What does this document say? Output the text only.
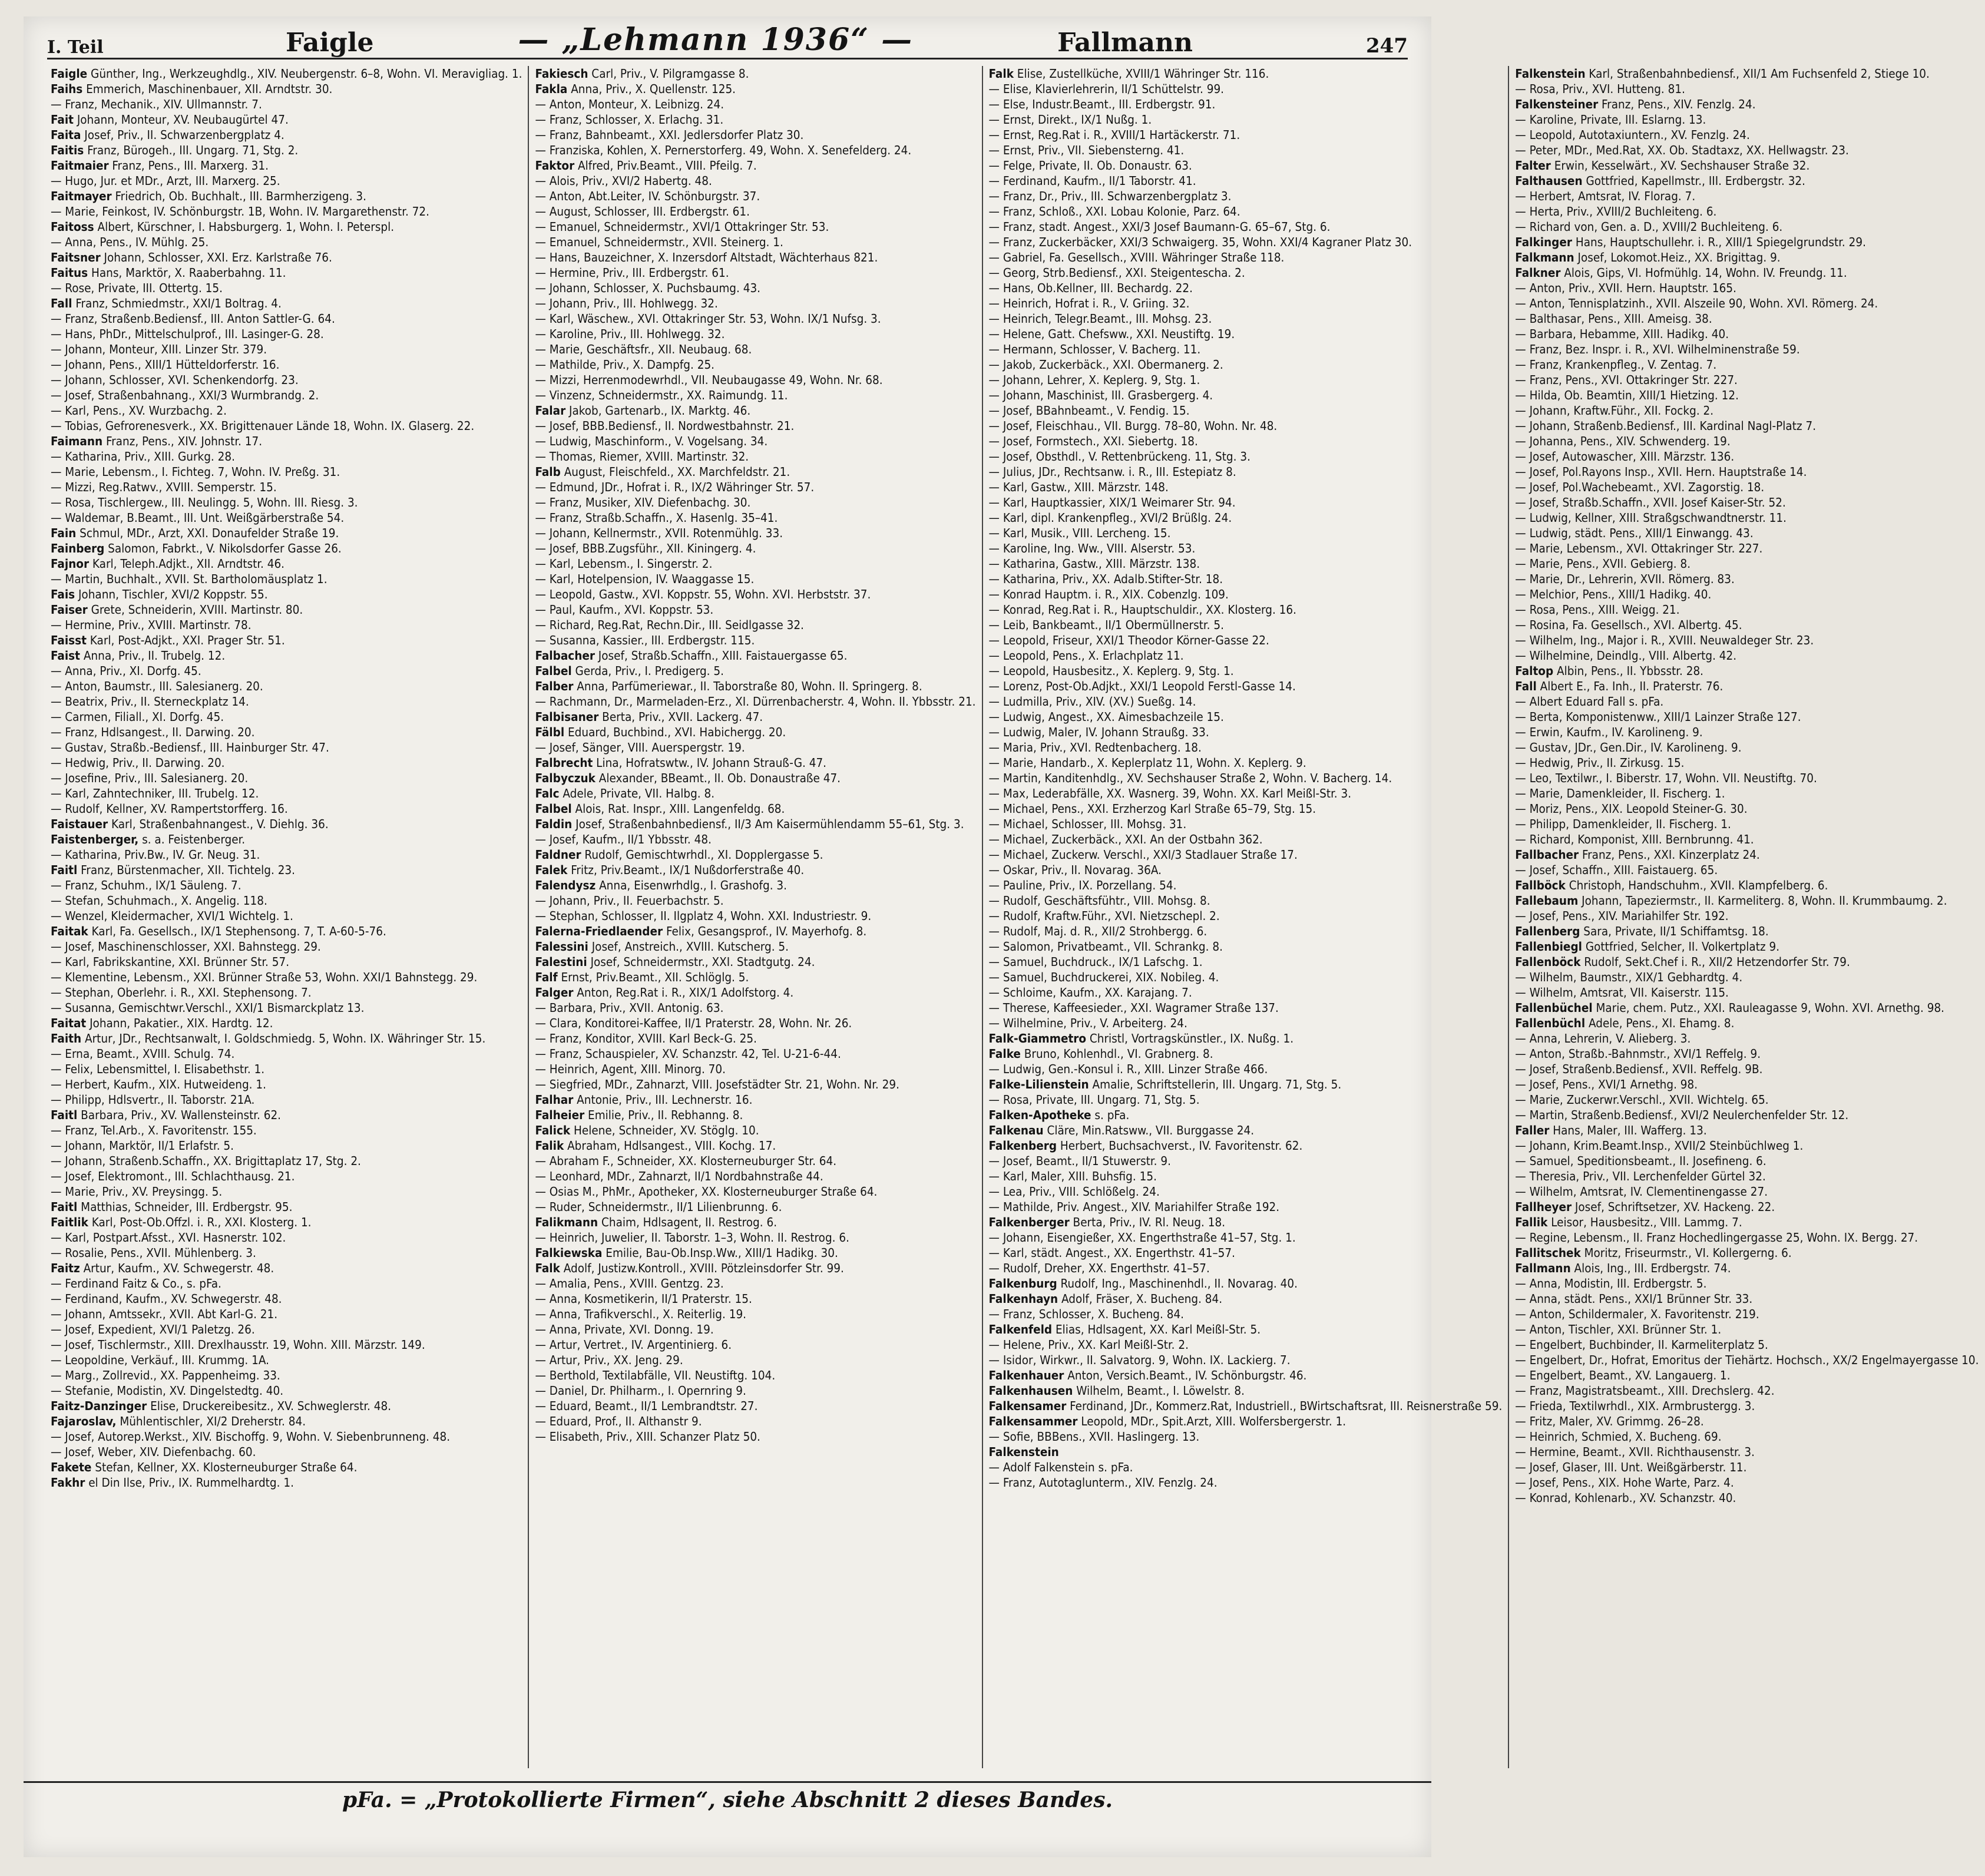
I. Teil	Faigle	— „Lehmann 1936“ —	Fallmann	247
Faigle Günther, Ing., Werkzeughdlg., XIV. Neubergenstr. 6–8, Wohn. VI. Meravigliag. 1.
Faihs Emmerich, Maschinenbauer, XII. Arndtstr. 30.
— Franz, Mechanik., XIV. Ullmannstr. 7.
Fait Johann, Monteur, XV. Neubaugürtel 47.
Faita Josef, Priv., II. Schwarzenbergplatz 4.
Faitis Franz, Bürogeh., III. Ungarg. 71, Stg. 2.
Faitmaier Franz, Pens., III. Marxerg. 31.
— Hugo, Jur. et MDr., Arzt, III. Marxerg. 25.
Faitmayer Friedrich, Ob. Buchhalt., III. Barmherzigeng. 3.
— Marie, Feinkost, IV. Schönburgstr. 1B, Wohn. IV. Margarethenstr. 72.
Faitoss Albert, Kürschner, I. Habsburgerg. 1, Wohn. I. Peterspl.
— Anna, Pens., IV. Mühlg. 25.
Faitsner Johann, Schlosser, XXI. Erz. Karlstraße 76.
Faitus Hans, Marktör, X. Raaberbahng. 11.
— Rose, Private, III. Ottertg. 15.
Fall Franz, Schmiedmstr., XXI/1 Boltrag. 4.
— Franz, Straßenb.Bediensf., III. Anton Sattler-G. 64.
— Hans, PhDr., Mittelschulprof., III. Lasinger-G. 28.
— Johann, Monteur, XIII. Linzer Str. 379.
— Johann, Pens., XIII/1 Hütteldorferstr. 16.
— Johann, Schlosser, XVI. Schenkendorfg. 23.
— Josef, Straßenbahnang., XXI/3 Wurmbrandg. 2.
— Karl, Pens., XV. Wurzbachg. 2.
— Tobias, Gefrorenesverk., XX. Brigittenauer Lände 18, Wohn. IX. Glaserg. 22.
Faimann Franz, Pens., XIV. Johnstr. 17.
— Katharina, Priv., XIII. Gurkg. 28.
— Marie, Lebensm., I. Fichteg. 7, Wohn. IV. Preßg. 31.
— Mizzi, Reg.Ratwv., XVIII. Semperstr. 15.
— Rosa, Tischlergew., III. Neulingg. 5, Wohn. III. Riesg. 3.
— Waldemar, B.Beamt., III. Unt. Weißgärberstraße 54.
Fain Schmul, MDr., Arzt, XXI. Donaufelder Straße 19.
Fainberg Salomon, Fabrkt., V. Nikolsdorfer Gasse 26.
Fajnor Karl, Teleph.Adjkt., XII. Arndtstr. 46.
— Martin, Buchhalt., XVII. St. Bartholomäusplatz 1.
Fais Johann, Tischler, XVI/2 Koppstr. 55.
Faiser Grete, Schneiderin, XVIII. Martinstr. 80.
— Hermine, Priv., XVIII. Martinstr. 78.
Faisst Karl, Post-Adjkt., XXI. Prager Str. 51.
Faist Anna, Priv., II. Trubelg. 12.
— Anna, Priv., XI. Dorfg. 45.
— Anton, Baumstr., III. Salesianerg. 20.
— Beatrix, Priv., II. Sterneckplatz 14.
— Carmen, Filiall., XI. Dorfg. 45.
— Franz, Hdlsangest., II. Darwing. 20.
— Gustav, Straßb.-Bediensf., III. Hainburger Str. 47.
— Hedwig, Priv., II. Darwing. 20.
— Josefine, Priv., III. Salesianerg. 20.
— Karl, Zahntechniker, III. Trubelg. 12.
— Rudolf, Kellner, XV. Rampertstorfferg. 16.
Faistauer Karl, Straßenbahnangest., V. Diehlg. 36.
Faistenberger, s. a. Feistenberger.
— Katharina, Priv.Bw., IV. Gr. Neug. 31.
Faitl Franz, Bürstenmacher, XII. Tichtelg. 23.
— Franz, Schuhm., IX/1 Säuleng. 7.
— Stefan, Schuhmach., X. Angelig. 118.
— Wenzel, Kleidermacher, XVI/1 Wichtelg. 1.
Faitak Karl, Fa. Gesellsch., IX/1 Stephensong. 7, T. A-60-5-76.
— Josef, Maschinenschlosser, XXI. Bahnstegg. 29.
— Karl, Fabrikskantine, XXI. Brünner Str. 57.
— Klementine, Lebensm., XXI. Brünner Straße 53, Wohn. XXI/1 Bahnstegg. 29.
— Stephan, Oberlehr. i. R., XXI. Stephensong. 7.
— Susanna, Gemischtwr.Verschl., XXI/1 Bismarckplatz 13.
Faitat Johann, Pakatier., XIX. Hardtg. 12.
Faith Artur, JDr., Rechtsanwalt, I. Goldschmiedg. 5, Wohn. IX. Währinger Str. 15.
— Erna, Beamt., XVIII. Schulg. 74.
— Felix, Lebensmittel, I. Elisabethstr. 1.
— Herbert, Kaufm., XIX. Hutweideng. 1.
— Philipp, Hdlsvertr., II. Taborstr. 21A.
Faitl Barbara, Priv., XV. Wallensteinstr. 62.
— Franz, Tel.Arb., X. Favoritenstr. 155.
— Johann, Marktör, II/1 Erlafstr. 5.
— Johann, Straßenb.Schaffn., XX. Brigittaplatz 17, Stg. 2.
— Josef, Elektromont., III. Schlachthausg. 21.
— Marie, Priv., XV. Preysingg. 5.
Faitl Matthias, Schneider, III. Erdbergstr. 95.
Faitlik Karl, Post-Ob.Offzl. i. R., XXI. Klosterg. 1.
— Karl, Postpart.Afsst., XVI. Hasnerstr. 102.
— Rosalie, Pens., XVII. Mühlenberg. 3.
Faitz Artur, Kaufm., XV. Schwegerstr. 48.
— Ferdinand Faitz & Co., s. pFa.
— Ferdinand, Kaufm., XV. Schwegerstr. 48.
— Johann, Amtssekr., XVII. Abt Karl-G. 21.
— Josef, Expedient, XVI/1 Paletzg. 26.
— Josef, Tischlermstr., XIII. Drexlhausstr. 19, Wohn. XIII. Märzstr. 149.
— Leopoldine, Verkäuf., III. Krummg. 1A.
— Marg., Zollrevid., XX. Pappenheimg. 33.
— Stefanie, Modistin, XV. Dingelstedtg. 40.
Faitz-Danzinger Elise, Druckereibesitz., XV. Schweglerstr. 48.
Fajaroslav, Mühlentischler, XI/2 Dreherstr. 84.
— Josef, Autorep.Werkst., XIV. Bischoffg. 9, Wohn. V. Siebenbrunneng. 48.
— Josef, Weber, XIV. Diefenbachg. 60.
Fakete Stefan, Kellner, XX. Klosterneuburger Straße 64.
Fakhr el Din Ilse, Priv., IX. Rummelhardtg. 1.
Fakiesch Carl, Priv., V. Pilgramgasse 8.
Fakla Anna, Priv., X. Quellenstr. 125.
— Anton, Monteur, X. Leibnizg. 24.
— Franz, Schlosser, X. Erlachg. 31.
— Franz, Bahnbeamt., XXI. Jedlersdorfer Platz 30.
— Franziska, Kohlen, X. Pernerstorferg. 49, Wohn. X. Senefelderg. 24.
Faktor Alfred, Priv.Beamt., VIII. Pfeilg. 7.
— Alois, Priv., XVI/2 Habertg. 48.
— Anton, Abt.Leiter, IV. Schönburgstr. 37.
— August, Schlosser, III. Erdbergstr. 61.
— Emanuel, Schneidermstr., XVI/1 Ottakringer Str. 53.
— Emanuel, Schneidermstr., XVII. Steinerg. 1.
— Hans, Bauzeichner, X. Inzersdorf Altstadt, Wächterhaus 821.
— Hermine, Priv., III. Erdbergstr. 61.
— Johann, Schlosser, X. Puchsbaumg. 43.
— Johann, Priv., III. Hohlwegg. 32.
— Karl, Wäschew., XVI. Ottakringer Str. 53, Wohn. IX/1 Nufsg. 3.
— Karoline, Priv., III. Hohlwegg. 32.
— Marie, Geschäftsfr., XII. Neubaug. 68.
— Mathilde, Priv., X. Dampfg. 25.
— Mizzi, Herrenmodewrhdl., VII. Neubaugasse 49, Wohn. Nr. 68.
— Vinzenz, Schneidermstr., XX. Raimundg. 11.
Falar Jakob, Gartenarb., IX. Marktg. 46.
— Josef, BBB.Bediensf., II. Nordwestbahnstr. 21.
— Ludwig, Maschinform., V. Vogelsang. 34.
— Thomas, Riemer, XVIII. Martinstr. 32.
Falb August, Fleischfeld., XX. Marchfeldstr. 21.
— Edmund, JDr., Hofrat i. R., IX/2 Währinger Str. 57.
— Franz, Musiker, XIV. Diefenbachg. 30.
— Franz, Straßb.Schaffn., X. Hasenlg. 35–41.
— Johann, Kellnermstr., XVII. Rotenmühlg. 33.
— Josef, BBB.Zugsführ., XII. Kiningerg. 4.
— Karl, Lebensm., I. Singerstr. 2.
— Karl, Hotelpension, IV. Waaggasse 15.
— Leopold, Gastw., XVI. Koppstr. 55, Wohn. XVI. Herbststr. 37.
— Paul, Kaufm., XVI. Koppstr. 53.
— Richard, Reg.Rat, Rechn.Dir., III. Seidlgasse 32.
— Susanna, Kassier., III. Erdbergstr. 115.
Falbacher Josef, Straßb.Schaffn., XIII. Faistauergasse 65.
Falbel Gerda, Priv., I. Predigerg. 5.
Falber Anna, Parfümeriewar., II. Taborstraße 80, Wohn. II. Springerg. 8.
— Rachmann, Dr., Marmeladen-Erz., XI. Dürrenbacherstr. 4, Wohn. II. Ybbsstr. 21.
Falbisaner Berta, Priv., XVII. Lackerg. 47.
Fälbl Eduard, Buchbind., XVI. Habichergg. 20.
— Josef, Sänger, VIII. Auerspergstr. 19.
Falbrecht Lina, Hofratswtw., IV. Johann Strauß-G. 47.
Falbyczuk Alexander, BBeamt., II. Ob. Donaustraße 47.
Falc Adele, Private, VII. Halbg. 8.
Falbel Alois, Rat. Inspr., XIII. Langenfeldg. 68.
Faldin Josef, Straßenbahnbediensf., II/3 Am Kaisermühlendamm 55–61, Stg. 3.
— Josef, Kaufm., II/1 Ybbsstr. 48.
Faldner Rudolf, Gemischtwrhdl., XI. Dopplergasse 5.
Falek Fritz, Priv.Beamt., IX/1 Nußdorferstraße 40.
Falendysz Anna, Eisenwrhdlg., I. Grashofg. 3.
— Johann, Priv., II. Feuerbachstr. 5.
— Stephan, Schlosser, II. Ilgplatz 4, Wohn. XXI. Industriestr. 9.
Falerna-Friedlaender Felix, Gesangsprof., IV. Mayerhofg. 8.
Falessini Josef, Anstreich., XVIII. Kutscherg. 5.
Falestini Josef, Schneidermstr., XXI. Stadtgutg. 24.
Falf Ernst, Priv.Beamt., XII. Schlöglg. 5.
Falger Anton, Reg.Rat i. R., XIX/1 Adolfstorg. 4.
— Barbara, Priv., XVII. Antonig. 63.
— Clara, Konditorei-Kaffee, II/1 Praterstr. 28, Wohn. Nr. 26.
— Franz, Konditor, XVIII. Karl Beck-G. 25.
— Franz, Schauspieler, XV. Schanzstr. 42, Tel. U-21-6-44.
— Heinrich, Agent, XIII. Minorg. 70.
— Siegfried, MDr., Zahnarzt, VIII. Josefstädter Str. 21, Wohn. Nr. 29.
Falhar Antonie, Priv., III. Lechnerstr. 16.
Falheier Emilie, Priv., II. Rebhanng. 8.
Falick Helene, Schneider, XV. Stöglg. 10.
Falik Abraham, Hdlsangest., VIII. Kochg. 17.
— Abraham F., Schneider, XX. Klosterneuburger Str. 64.
— Leonhard, MDr., Zahnarzt, II/1 Nordbahnstraße 44.
— Osias M., PhMr., Apotheker, XX. Klosterneuburger Straße 64.
— Ruder, Schneidermstr., II/1 Lilienbrunng. 6.
Falikmann Chaim, Hdlsagent, II. Restrog. 6.
— Heinrich, Juwelier, II. Taborstr. 1–3, Wohn. II. Restrog. 6.
Falkiewska Emilie, Bau-Ob.Insp.Ww., XIII/1 Hadikg. 30.
Falk Adolf, Justizw.Kontroll., XVIII. Pötzleinsdorfer Str. 99.
— Amalia, Pens., XVIII. Gentzg. 23.
— Anna, Kosmetikerin, II/1 Praterstr. 15.
— Anna, Trafikverschl., X. Reiterlig. 19.
— Anna, Private, XVI. Donng. 19.
— Artur, Vertret., IV. Argentinierg. 6.
— Artur, Priv., XX. Jeng. 29.
— Berthold, Textilabfälle, VII. Neustiftg. 104.
— Daniel, Dr. Philharm., I. Opernring 9.
— Eduard, Beamt., II/1 Lembrandtstr. 27.
— Eduard, Prof., II. Althanstr 9.
— Elisabeth, Priv., XIII. Schanzer Platz 50.
Falk Elise, Zustellküche, XVIII/1 Währinger Str. 116.
— Elise, Klavierlehrerin, II/1 Schüttelstr. 99.
— Else, Industr.Beamt., III. Erdbergstr. 91.
— Ernst, Direkt., IX/1 Nußg. 1.
— Ernst, Reg.Rat i. R., XVIII/1 Hartäckerstr. 71.
— Ernst, Priv., VII. Siebensterng. 41.
— Felge, Private, II. Ob. Donaustr. 63.
— Ferdinand, Kaufm., II/1 Taborstr. 41.
— Franz, Dr., Priv., III. Schwarzenbergplatz 3.
— Franz, Schloß., XXI. Lobau Kolonie, Parz. 64.
— Franz, stadt. Angest., XXI/3 Josef Baumann-G. 65–67, Stg. 6.
— Franz, Zuckerbäcker, XXI/3 Schwaigerg. 35, Wohn. XXI/4 Kagraner Platz 30.
— Gabriel, Fa. Gesellsch., XVIII. Währinger Straße 118.
— Georg, Strb.Bediensf., XXI. Steigentescha. 2.
— Hans, Ob.Kellner, III. Bechardg. 22.
— Heinrich, Hofrat i. R., V. Griing. 32.
— Heinrich, Telegr.Beamt., III. Mohsg. 23.
— Helene, Gatt. Chefsww., XXI. Neustiftg. 19.
— Hermann, Schlosser, V. Bacherg. 11.
— Jakob, Zuckerbäck., XXI. Obermanerg. 2.
— Johann, Lehrer, X. Keplerg. 9, Stg. 1.
— Johann, Maschinist, III. Grasbergerg. 4.
— Josef, BBahnbeamt., V. Fendig. 15.
— Josef, Fleischhau., VII. Burgg. 78–80, Wohn. Nr. 48.
— Josef, Formstech., XXI. Siebertg. 18.
— Josef, Obsthdl., V. Rettenbrückeng. 11, Stg. 3.
— Julius, JDr., Rechtsanw. i. R., III. Estepiatz 8.
— Karl, Gastw., XIII. Märzstr. 148.
— Karl, Hauptkassier, XIX/1 Weimarer Str. 94.
— Karl, dipl. Krankenpfleg., XVI/2 Brüßlg. 24.
— Karl, Musik., VIII. Lercheng. 15.
— Karoline, Ing. Ww., VIII. Alserstr. 53.
— Katharina, Gastw., XIII. Märzstr. 138.
— Katharina, Priv., XX. Adalb.Stifter-Str. 18.
— Konrad Hauptm. i. R., XIX. Cobenzlg. 109.
— Konrad, Reg.Rat i. R., Hauptschuldir., XX. Klosterg. 16.
— Leib, Bankbeamt., II/1 Obermüllnerstr. 5.
— Leopold, Friseur, XXI/1 Theodor Körner-Gasse 22.
— Leopold, Pens., X. Erlachplatz 11.
— Leopold, Hausbesitz., X. Keplerg. 9, Stg. 1.
— Lorenz, Post-Ob.Adjkt., XXI/1 Leopold Ferstl-Gasse 14.
— Ludmilla, Priv., XIV. (XV.) Sueßg. 14.
— Ludwig, Angest., XX. Aimesbachzeile 15.
— Ludwig, Maler, IV. Johann Straußg. 33.
— Maria, Priv., XVI. Redtenbacherg. 18.
— Marie, Handarb., X. Keplerplatz 11, Wohn. X. Keplerg. 9.
— Martin, Kanditenhdlg., XV. Sechshauser Straße 2, Wohn. V. Bacherg. 14.
— Max, Lederabfälle, XX. Wasnerg. 39, Wohn. XX. Karl Meißl-Str. 3.
— Michael, Pens., XXI. Erzherzog Karl Straße 65–79, Stg. 15.
— Michael, Schlosser, III. Mohsg. 31.
— Michael, Zuckerbäck., XXI. An der Ostbahn 362.
— Michael, Zuckerw. Verschl., XXI/3 Stadlauer Straße 17.
— Oskar, Priv., II. Novarag. 36A.
— Pauline, Priv., IX. Porzellang. 54.
— Rudolf, Geschäftsfühtr., VIII. Mohsg. 8.
— Rudolf, Kraftw.Führ., XVI. Nietzschepl. 2.
— Rudolf, Maj. d. R., XII/2 Strohbergg. 6.
— Salomon, Privatbeamt., VII. Schrankg. 8.
— Samuel, Buchdruck., IX/1 Lafschg. 1.
— Samuel, Buchdruckerei, XIX. Nobileg. 4.
— Schloime, Kaufm., XX. Karajang. 7.
— Therese, Kaffeesieder., XXI. Wagramer Straße 137.
— Wilhelmine, Priv., V. Arbeiterg. 24.
Falk-Giammetro Christl, Vortragskünstler., IX. Nußg. 1.
Falke Bruno, Kohlenhdl., VI. Grabnerg. 8.
— Ludwig, Gen.-Konsul i. R., XIII. Linzer Straße 466.
Falke-Lilienstein Amalie, Schriftstellerin, III. Ungarg. 71, Stg. 5.
— Rosa, Private, III. Ungarg. 71, Stg. 5.
Falken-Apotheke s. pFa.
Falkenau Cläre, Min.Ratsww., VII. Burggasse 24.
Falkenberg Herbert, Buchsachverst., IV. Favoritenstr. 62.
— Josef, Beamt., II/1 Stuwerstr. 9.
— Karl, Maler, XIII. Buhsfig. 15.
— Lea, Priv., VIII. Schlößelg. 24.
— Mathilde, Priv. Angest., XIV. Mariahilfer Straße 192.
Falkenberger Berta, Priv., IV. Rl. Neug. 18.
— Johann, Eisengießer, XX. Engerthstraße 41–57, Stg. 1.
— Karl, städt. Angest., XX. Engerthstr. 41–57.
— Rudolf, Dreher, XX. Engerthstr. 41–57.
Falkenburg Rudolf, Ing., Maschinenhdl., II. Novarag. 40.
Falkenhayn Adolf, Fräser, X. Bucheng. 84.
— Franz, Schlosser, X. Bucheng. 84.
Falkenfeld Elias, Hdlsagent, XX. Karl Meißl-Str. 5.
— Helene, Priv., XX. Karl Meißl-Str. 2.
— Isidor, Wirkwr., II. Salvatorg. 9, Wohn. IX. Lackierg. 7.
Falkenhauer Anton, Versich.Beamt., IV. Schönburgstr. 46.
Falkenhausen Wilhelm, Beamt., I. Löwelstr. 8.
Falkensamer Ferdinand, JDr., Kommerz.Rat, Industriell., BWirtschaftsrat, III. Reisnerstraße 59.
Falkensammer Leopold, MDr., Spit.Arzt, XIII. Wolfersbergerstr. 1.
— Sofie, BBBens., XVII. Haslingerg. 13.
Falkenstein
— Adolf Falkenstein s. pFa.
— Franz, Autotaglunterm., XIV. Fenzlg. 24.
Falkenstein Karl, Straßenbahnbediensf., XII/1 Am Fuchsenfeld 2, Stiege 10.
— Rosa, Priv., XVI. Hutteng. 81.
Falkensteiner Franz, Pens., XIV. Fenzlg. 24.
— Karoline, Private, III. Eslarng. 13.
— Leopold, Autotaxiuntern., XV. Fenzlg. 24.
— Peter, MDr., Med.Rat, XX. Ob. Stadtaxz, XX. Hellwagstr. 23.
Falter Erwin, Kesselwärt., XV. Sechshauser Straße 32.
Falthausen Gottfried, Kapellmstr., III. Erdbergstr. 32.
— Herbert, Amtsrat, IV. Florag. 7.
— Herta, Priv., XVIII/2 Buchleiteng. 6.
— Richard von, Gen. a. D., XVIII/2 Buchleiteng. 6.
Falkinger Hans, Hauptschullehr. i. R., XIII/1 Spiegelgrundstr. 29.
Falkmann Josef, Lokomot.Heiz., XX. Brigittag. 9.
Falkner Alois, Gips, VI. Hofmühlg. 14, Wohn. IV. Freundg. 11.
— Anton, Priv., XVII. Hern. Hauptstr. 165.
— Anton, Tennisplatzinh., XVII. Alszeile 90, Wohn. XVI. Römerg. 24.
— Balthasar, Pens., XIII. Ameisg. 38.
— Barbara, Hebamme, XIII. Hadikg. 40.
— Franz, Bez. Inspr. i. R., XVI. Wilhelminenstraße 59.
— Franz, Krankenpfleg., V. Zentag. 7.
— Franz, Pens., XVI. Ottakringer Str. 227.
— Hilda, Ob. Beamtin, XIII/1 Hietzing. 12.
— Johann, Kraftw.Führ., XII. Fockg. 2.
— Johann, Straßenb.Bediensf., III. Kardinal Nagl-Platz 7.
— Johanna, Pens., XIV. Schwenderg. 19.
— Josef, Autowascher, XIII. Märzstr. 136.
— Josef, Pol.Rayons Insp., XVII. Hern. Hauptstraße 14.
— Josef, Pol.Wachebeamt., XVI. Zagorstig. 18.
— Josef, Straßb.Schaffn., XVII. Josef Kaiser-Str. 52.
— Ludwig, Kellner, XIII. Straßgschwandtnerstr. 11.
— Ludwig, städt. Pens., XIII/1 Einwangg. 43.
— Marie, Lebensm., XVI. Ottakringer Str. 227.
— Marie, Pens., XVII. Gebierg. 8.
— Marie, Dr., Lehrerin, XVII. Römerg. 83.
— Melchior, Pens., XIII/1 Hadikg. 40.
— Rosa, Pens., XIII. Weigg. 21.
— Rosina, Fa. Gesellsch., XVI. Albertg. 45.
— Wilhelm, Ing., Major i. R., XVIII. Neuwaldeger Str. 23.
— Wilhelmine, Deindlg., VIII. Albertg. 42.
Faltop Albin, Pens., II. Ybbsstr. 28.
Fall Albert E., Fa. Inh., II. Praterstr. 76.
— Albert Eduard Fall s. pFa.
— Berta, Komponistenww., XIII/1 Lainzer Straße 127.
— Erwin, Kaufm., IV. Karolineng. 9.
— Gustav, JDr., Gen.Dir., IV. Karolineng. 9.
— Hedwig, Priv., II. Zirkusg. 15.
— Leo, Textilwr., I. Biberstr. 17, Wohn. VII. Neustiftg. 70.
— Marie, Damenkleider, II. Fischerg. 1.
— Moriz, Pens., XIX. Leopold Steiner-G. 30.
— Philipp, Damenkleider, II. Fischerg. 1.
— Richard, Komponist, XIII. Bernbrunng. 41.
Fallbacher Franz, Pens., XXI. Kinzerplatz 24.
— Josef, Schaffn., XIII. Faistauerg. 65.
Fallböck Christoph, Handschuhm., XVII. Klampfelberg. 6.
Fallebaum Johann, Tapeziermstr., II. Karmeliterg. 8, Wohn. II. Krummbaumg. 2.
— Josef, Pens., XIV. Mariahilfer Str. 192.
Fallenberg Sara, Private, II/1 Schiffamtsg. 18.
Fallenbiegl Gottfried, Selcher, II. Volkertplatz 9.
Fallenböck Rudolf, Sekt.Chef i. R., XII/2 Hetzendorfer Str. 79.
— Wilhelm, Baumstr., XIX/1 Gebhardtg. 4.
— Wilhelm, Amtsrat, VII. Kaiserstr. 115.
Fallenbüchel Marie, chem. Putz., XXI. Rauleagasse 9, Wohn. XVI. Arnethg. 98.
Fallenbüchl Adele, Pens., XI. Ehamg. 8.
— Anna, Lehrerin, V. Alieberg. 3.
— Anton, Straßb.-Bahnmstr., XVI/1 Reffelg. 9.
— Josef, Straßenb.Bediensf., XVII. Reffelg. 9B.
— Josef, Pens., XVI/1 Arnethg. 98.
— Marie, Zuckerwr.Verschl., XVII. Wichtelg. 65.
— Martin, Straßenb.Bediensf., XVI/2 Neulerchenfelder Str. 12.
Faller Hans, Maler, III. Wafferg. 13.
— Johann, Krim.Beamt.Insp., XVII/2 Steinbüchlweg 1.
— Samuel, Speditionsbeamt., II. Josefineng. 6.
— Theresia, Priv., VII. Lerchenfelder Gürtel 32.
— Wilhelm, Amtsrat, IV. Clementinengasse 27.
Fallheyer Josef, Schriftsetzer, XV. Hackeng. 22.
Fallik Leisor, Hausbesitz., VIII. Lammg. 7.
— Regine, Lebensm., II. Franz Hochedlingergasse 25, Wohn. IX. Bergg. 27.
Fallitschek Moritz, Friseurmstr., VI. Kollergerng. 6.
Fallmann Alois, Ing., III. Erdbergstr. 74.
— Anna, Modistin, III. Erdbergstr. 5.
— Anna, städt. Pens., XXI/1 Brünner Str. 33.
— Anton, Schildermaler, X. Favoritenstr. 219.
— Anton, Tischler, XXI. Brünner Str. 1.
— Engelbert, Buchbinder, II. Karmeliterplatz 5.
— Engelbert, Dr., Hofrat, Emoritus der Tiehärtz. Hochsch., XX/2 Engelmayergasse 10.
— Engelbert, Beamt., XV. Langauerg. 1.
— Franz, Magistratsbeamt., XIII. Drechslerg. 42.
— Frieda, Textilwrhdl., XIX. Armbrustergg. 3.
— Fritz, Maler, XV. Grimmg. 26–28.
— Heinrich, Schmied, X. Bucheng. 69.
— Hermine, Beamt., XVII. Richthausenstr. 3.
— Josef, Glaser, III. Unt. Weißgärberstr. 11.
— Josef, Pens., XIX. Hohe Warte, Parz. 4.
— Konrad, Kohlenarb., XV. Schanzstr. 40.
pFa. = „Protokollierte Firmen“, siehe Abschnitt 2 dieses Bandes.
